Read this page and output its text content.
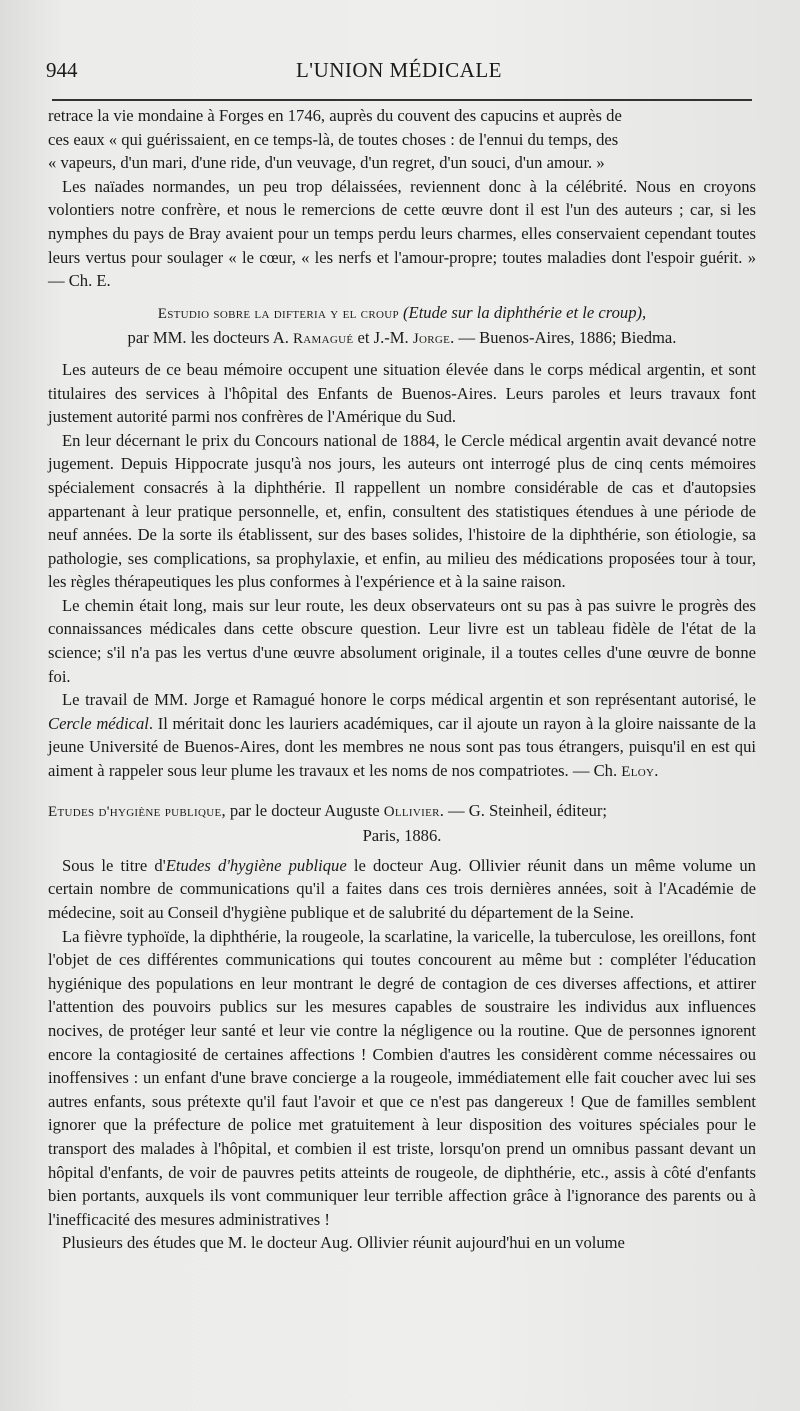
944	L'UNION MÉDICALE

retrace la vie mondaine à Forges en 1746, auprès du couvent des capucins et auprès de

ces eaux « qui guérissaient, en ce temps-là, de toutes choses : de l'ennui du temps, des

« vapeurs, d'un mari, d'une ride, d'un veuvage, d'un regret, d'un souci, d'un amour. »

Les naïades normandes, un peu trop délaissées, reviennent donc à la célébrité. Nous en croyons volontiers notre confrère, et nous le remercions de cette œuvre dont il est l'un des auteurs ; car, si les nymphes du pays de Bray avaient pour un temps perdu leurs charmes, elles conservaient cependant toutes leurs vertus pour soulager « le cœur, « les nerfs et l'amour-propre; toutes maladies dont l'espoir guérit. » — Ch. E.

Estudio sobre la difteria y el croup (Etude sur la diphthérie et le croup),
par MM. les docteurs A. Ramagué et J.-M. Jorge. — Buenos-Aires, 1886; Biedma.

Les auteurs de ce beau mémoire occupent une situation élevée dans le corps médical argentin, et sont titulaires des services à l'hôpital des Enfants de Buenos-Aires. Leurs paroles et leurs travaux font justement autorité parmi nos confrères de l'Amérique du Sud.

En leur décernant le prix du Concours national de 1884, le Cercle médical argentin avait devancé notre jugement. Depuis Hippocrate jusqu'à nos jours, les auteurs ont interrogé plus de cinq cents mémoires spécialement consacrés à la diphthérie. Il rappellent un nombre considérable de cas et d'autopsies appartenant à leur pratique personnelle, et, enfin, consultent des statistiques étendues à une période de neuf années. De la sorte ils établissent, sur des bases solides, l'histoire de la diphthérie, son étiologie, sa pathologie, ses complications, sa prophylaxie, et enfin, au milieu des médications proposées tour à tour, les règles thérapeutiques les plus conformes à l'expérience et à la saine raison.

Le chemin était long, mais sur leur route, les deux observateurs ont su pas à pas suivre le progrès des connaissances médicales dans cette obscure question. Leur livre est un tableau fidèle de l'état de la science; s'il n'a pas les vertus d'une œuvre absolument originale, il a toutes celles d'une œuvre de bonne foi.

Le travail de MM. Jorge et Ramagué honore le corps médical argentin et son représentant autorisé, le Cercle médical. Il méritait donc les lauriers académiques, car il ajoute un rayon à la gloire naissante de la jeune Université de Buenos-Aires, dont les membres ne nous sont pas tous étrangers, puisqu'il en est qui aiment à rappeler sous leur plume les travaux et les noms de nos compatriotes. — Ch. Eloy.

Etudes d'hygiène publique, par le docteur Auguste Ollivier. — G. Steinheil, éditeur;
Paris, 1886.

Sous le titre d'Etudes d'hygiène publique le docteur Aug. Ollivier réunit dans un même volume un certain nombre de communications qu'il a faites dans ces trois dernières années, soit à l'Académie de médecine, soit au Conseil d'hygiène publique et de salubrité du département de la Seine.

La fièvre typhoïde, la diphthérie, la rougeole, la scarlatine, la varicelle, la tuberculose, les oreillons, font l'objet de ces différentes communications qui toutes concourent au même but : compléter l'éducation hygiénique des populations en leur montrant le degré de contagion de ces diverses affections, et attirer l'attention des pouvoirs publics sur les mesures capables de soustraire les individus aux influences nocives, de protéger leur santé et leur vie contre la négligence ou la routine. Que de personnes ignorent encore la contagiosité de certaines affections ! Combien d'autres les considèrent comme nécessaires ou inoffensives : un enfant d'une brave concierge a la rougeole, immédiatement elle fait coucher avec lui ses autres enfants, sous prétexte qu'il faut l'avoir et que ce n'est pas dangereux ! Que de familles semblent ignorer que la préfecture de police met gratuitement à leur disposition des voitures spéciales pour le transport des malades à l'hôpital, et combien il est triste, lorsqu'on prend un omnibus passant devant un hôpital d'enfants, de voir de pauvres petits atteints de rougeole, de diphthérie, etc., assis à côté d'enfants bien portants, auxquels ils vont communiquer leur terrible affection grâce à l'ignorance des parents ou à l'inefficacité des mesures administratives !

Plusieurs des études que M. le docteur Aug. Ollivier réunit aujourd'hui en un volume
